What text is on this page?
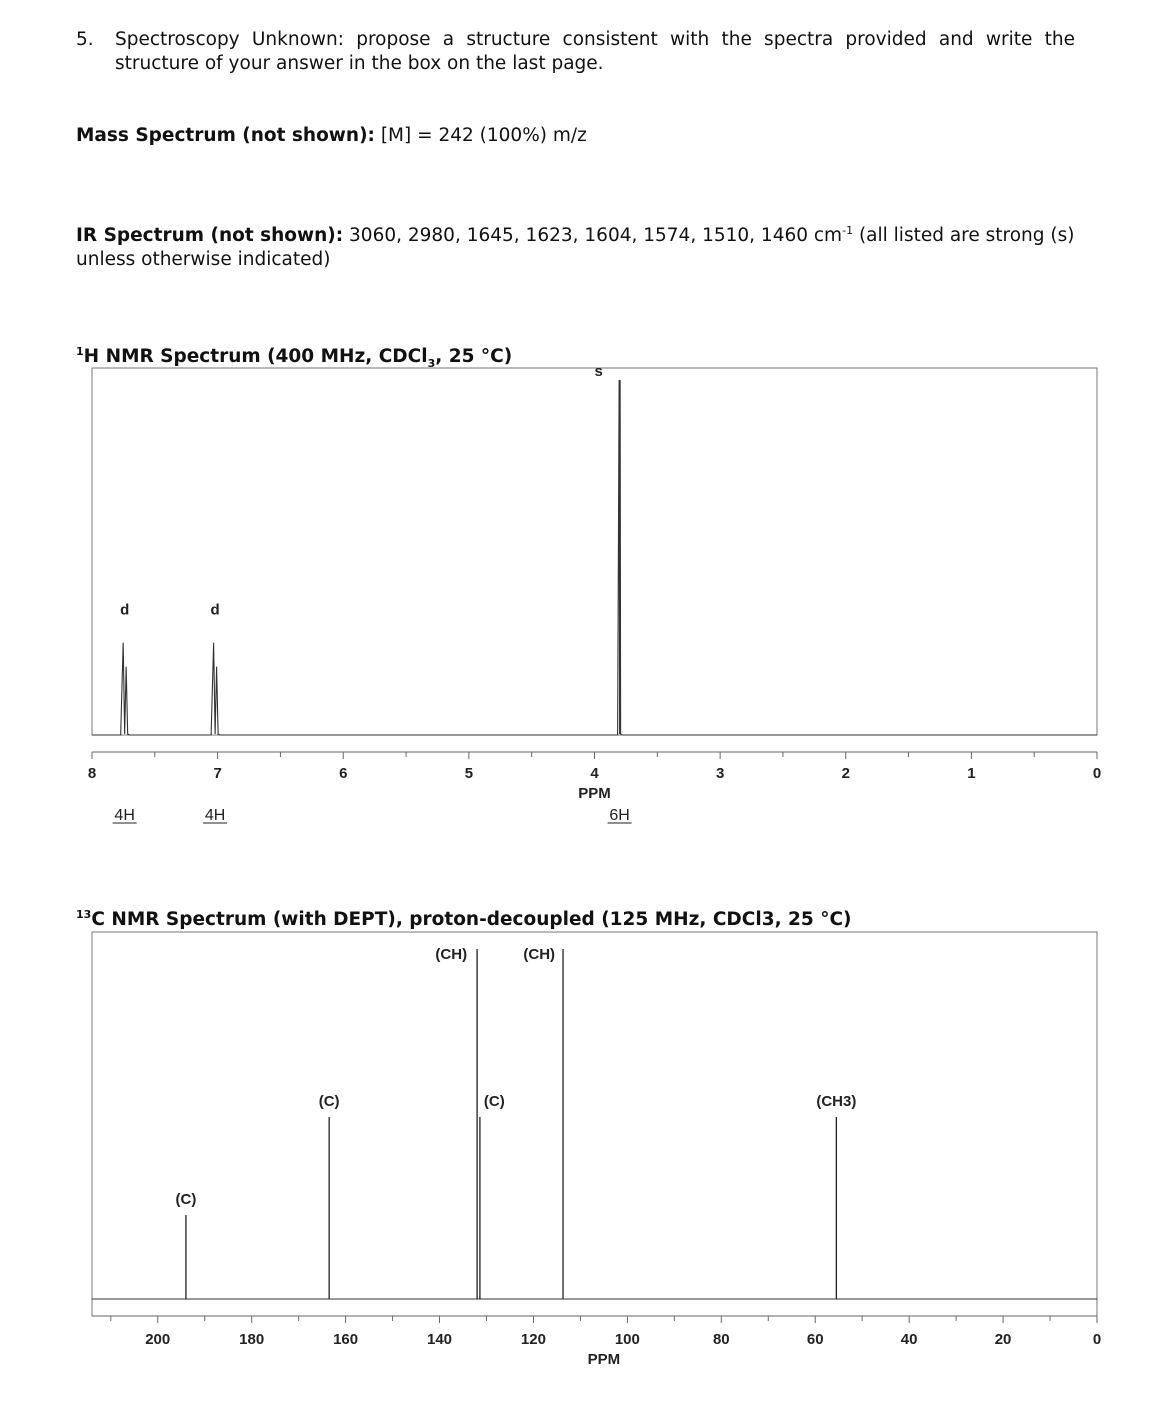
5. Spectroscopy Unknown: propose a structure consistent with the spectra provided and write the structure of your answer in the box on the last page.
Mass Spectrum (not shown): [M] = 242 (100%) m/z
IR Spectrum (not shown): 3060, 2980, 1645, 1623, 1604, 1574, 1510, 1460 $cm^{-1}$ (all listed are strong (s) unless otherwise indicated)
$^1$H NMR Spectrum (400 MHz, CDCl$_3$, 25 °C)
$^{13}$C NMR Spectrum (with DEPT), proton-decoupled (125 MHz, CDCl3, 25 °C)
8	7	6	5	4	3	2	1	0
PPM
d
4H
d
4H
s
6H
(C)
(C)
(CH)
(C)
(CH)
(CH3)
200	180	160	140	120	100	80	60	40	20	0
PPM
